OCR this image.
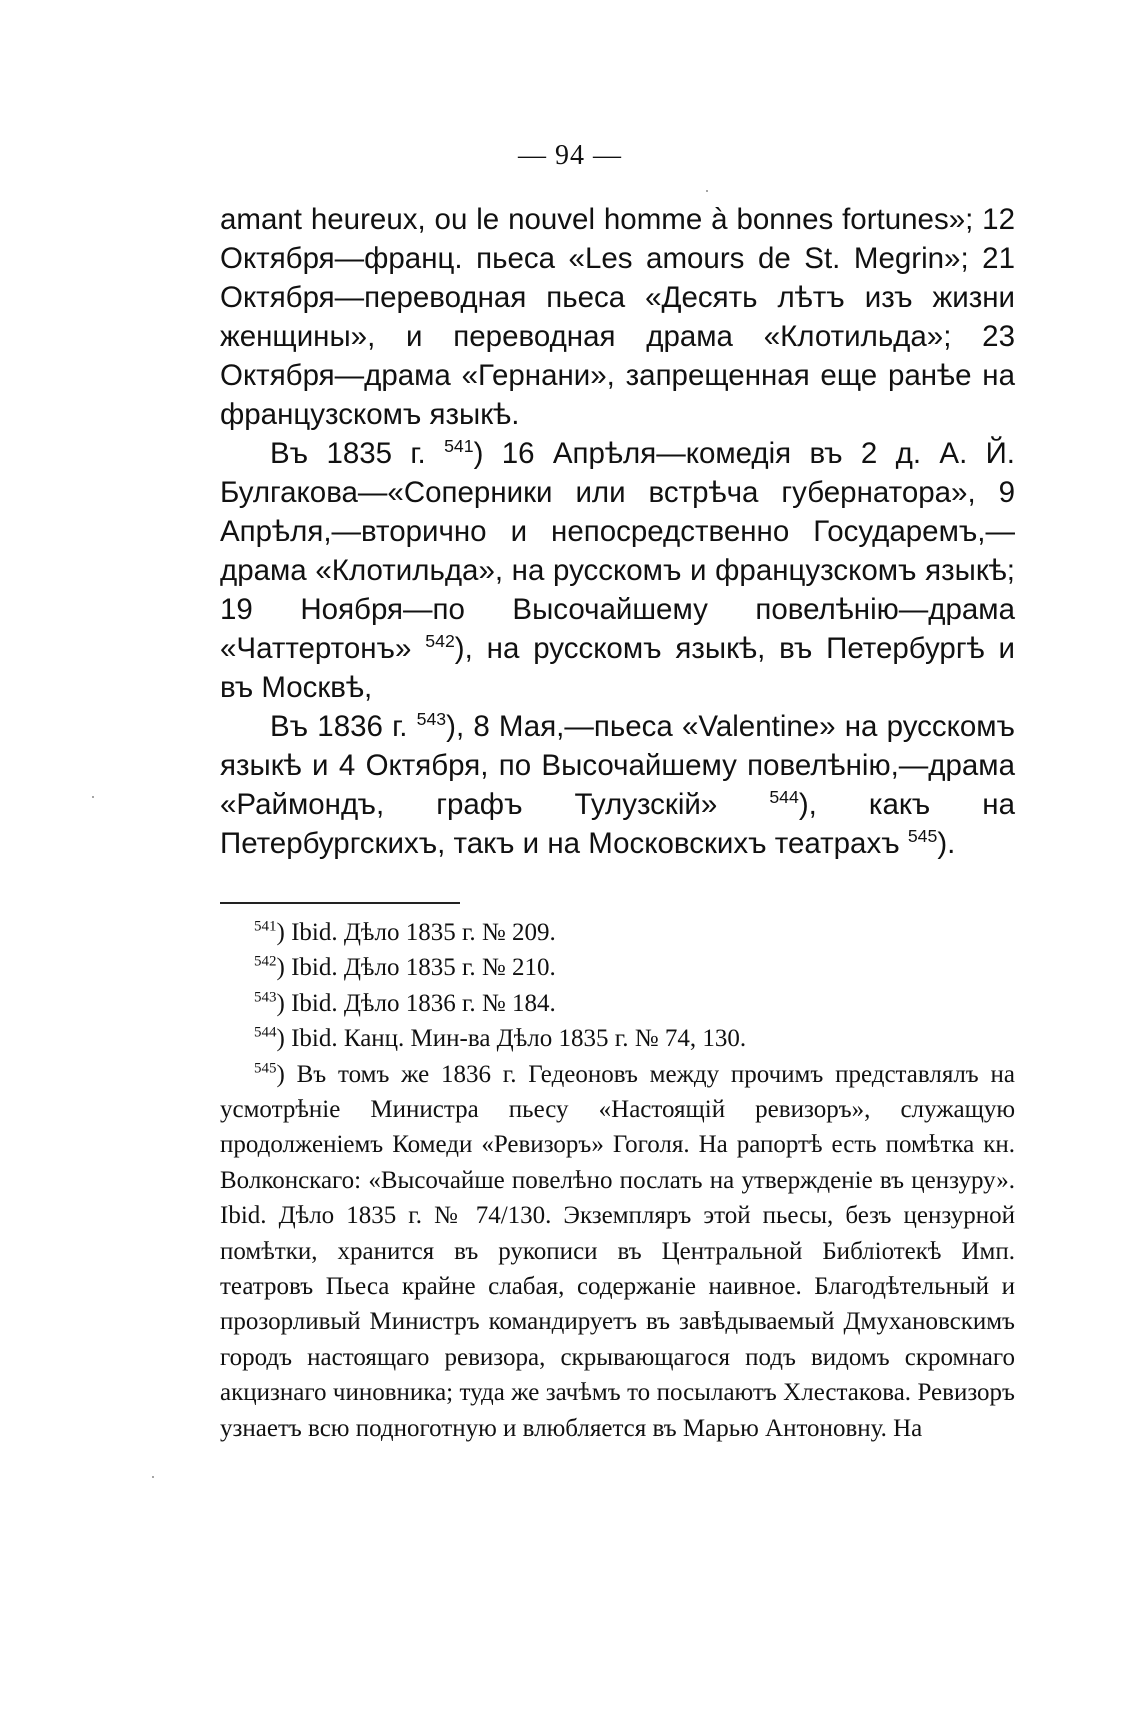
— 94 —

amant heureux, ou le nouvel homme à bonnes fortunes»; 12 Октября—франц. пьеса «Les amours de St. Megrin»; 21 Октября—переводная пьеса «Десять лѣтъ изъ жизни женщины», и переводная драма «Клотильда»; 23 Октября—драма «Гернани», запрещенная еще ранѣе на французскомъ языкѣ.

Въ 1835 г. $^{541}$) 16 Апрѣля—комедія въ 2 д. А. Й. Булгакова—«Соперники или встрѣча губернатора», 9 Апрѣля,—вторично и непосредственно Государемъ,— драма «Клотильда», на русскомъ и французскомъ языкѣ; 19 Ноября—по Высочайшему повелѣнію—драма «Чаттертонъ» $^{542}$), на русскомъ языкѣ, въ Петербургѣ и въ Москвѣ,

Въ 1836 г. $^{543}$), 8 Мая,—пьеса «Valentine» на русскомъ языкѣ и 4 Октября, по Высочайшему повелѣнію,—драма «Раймондъ, графъ Тулузскій» $^{544}$), какъ на Петербургскихъ, такъ и на Московскихъ театрахъ $^{545}$).

$^{541}$) Ibid. Дѣло 1835 г. № 209.

$^{542}$) Ibid. Дѣло 1835 г. № 210.

$^{543}$) Ibid. Дѣло 1836 г. № 184.

$^{544}$) Ibid. Канц. Мин-ва Дѣло 1835 г. № 74, 130.

$^{545}$) Въ томъ же 1836 г. Гедеоновъ между прочимъ представлялъ на усмотрѣніе Министра пьесу «Настоящій ревизоръ», служащую продолженіемъ Комеди «Ревизоръ» Гоголя. На рапортѣ есть помѣтка кн. Волконскаго: «Высочайше повелѣно послать на утвержденіе въ цензуру». Ibid. Дѣло 1835 г. № 74/130. Экземпляръ этой пьесы, безъ цензурной помѣтки, хранится въ рукописи въ Центральной Библіотекѣ Имп. театровъ Пьеса крайне слабая, содержаніе наивное. Благодѣтельный и прозорливый Министръ командируетъ въ завѣдываемый Дмухановскимъ городъ настоящаго ревизора, скрывающагося подъ видомъ скромнаго акцизнаго чиновника; туда же зачѣмъ то посылаютъ Хлестакова. Ревизоръ узнаетъ всю подноготную и влюбляется въ Марью Антоновну. На
